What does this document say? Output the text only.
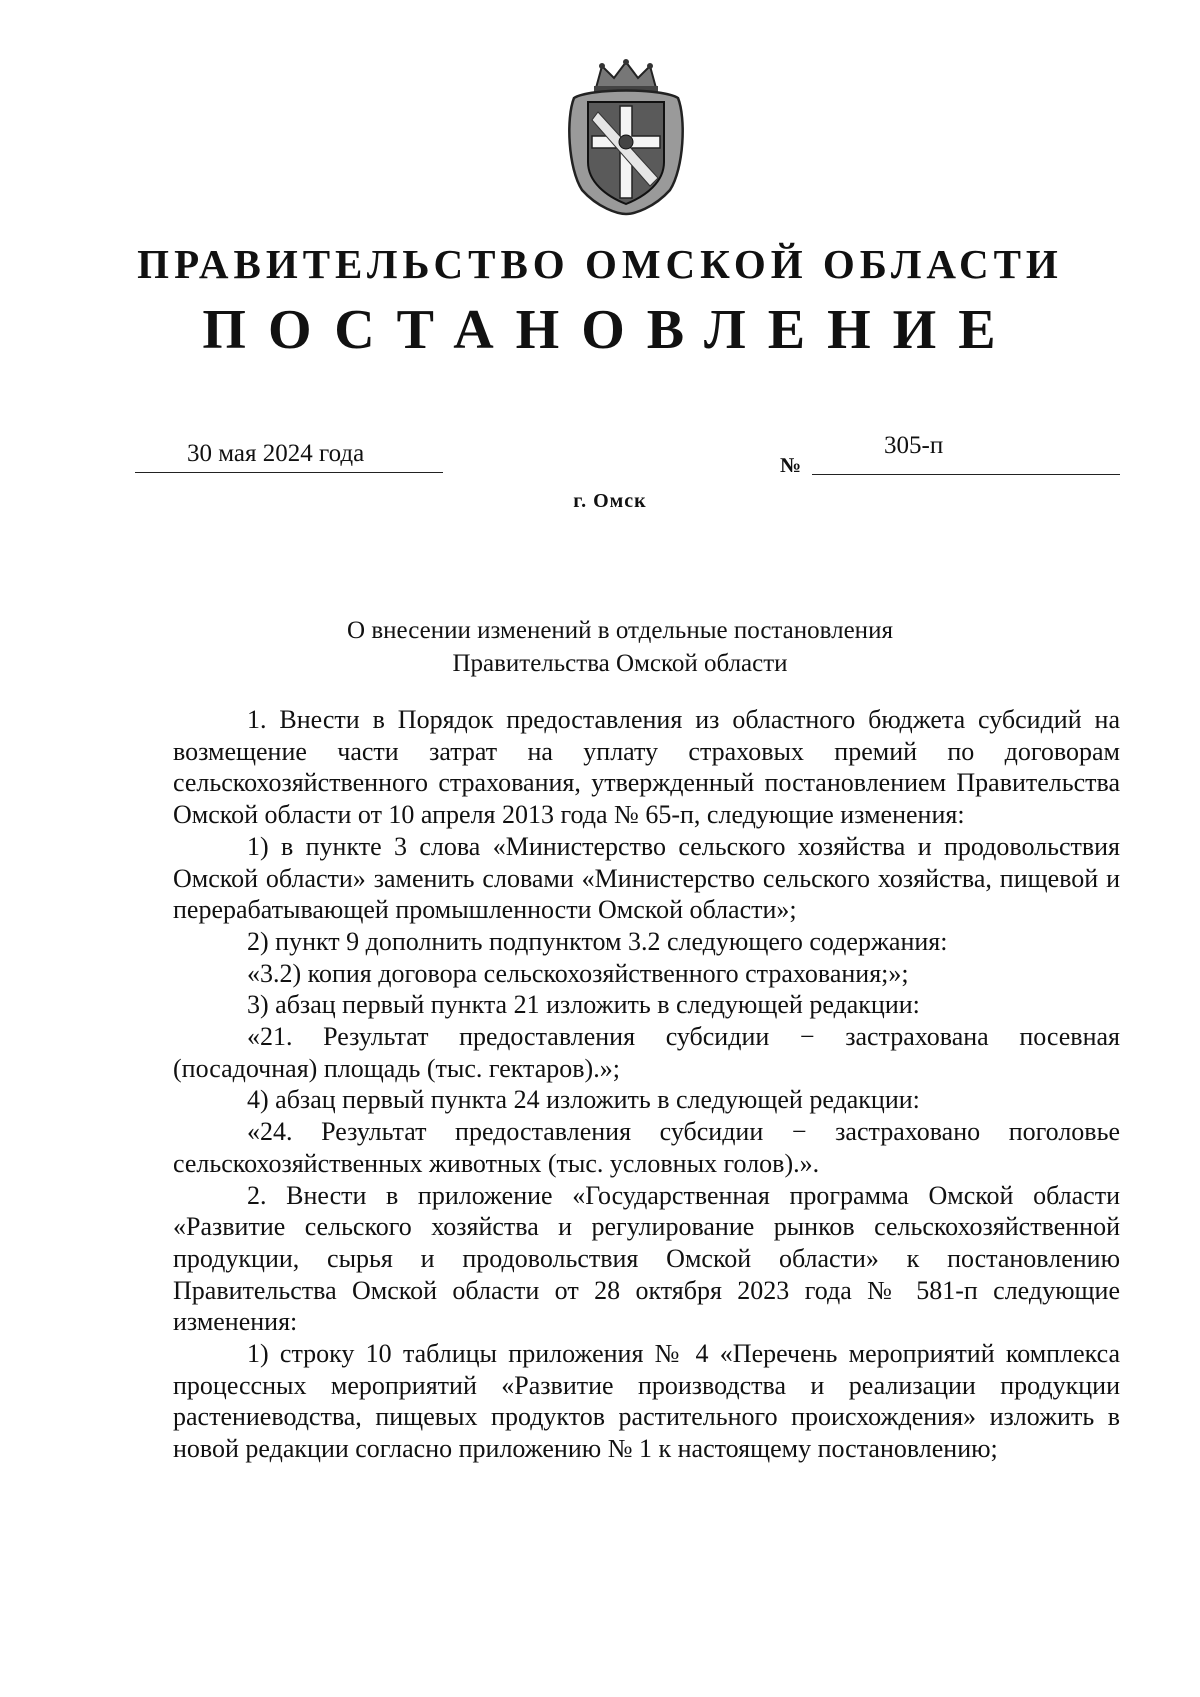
ПРАВИТЕЛЬСТВО ОМСКОЙ ОБЛАСТИ
ПОСТАНОВЛЕНИЕ
30 мая 2024 года	№
305-п
г. Омск
О внесении изменений в отдельные постановления
Правительства Омской области

1. Внести в Порядок предоставления из областного бюджета субсидий на возмещение части затрат на уплату страховых премий по договорам сельскохозяйственного страхования, утвержденный постановлением Правительства Омской области от 10 апреля 2013 года № 65-п, следующие изменения:

1) в пункте 3 слова «Министерство сельского хозяйства и продовольствия Омской области» заменить словами «Министерство сельского хозяйства, пищевой и перерабатывающей промышленности Омской области»;

2) пункт 9 дополнить подпунктом 3.2 следующего содержания:

«3.2) копия договора сельскохозяйственного страхования;»;

3) абзац первый пункта 21 изложить в следующей редакции:

«21. Результат предоставления субсидии − застрахована посевная (посадочная) площадь (тыс. гектаров).»;

4) абзац первый пункта 24 изложить в следующей редакции:

«24. Результат предоставления субсидии − застраховано поголовье сельскохозяйственных животных (тыс. условных голов).».

2. Внести в приложение «Государственная программа Омской области «Развитие сельского хозяйства и регулирование рынков сельскохозяйственной продукции, сырья и продовольствия Омской области» к постановлению Правительства Омской области от 28 октября 2023 года № 581-п следующие изменения:

1) строку 10 таблицы приложения № 4 «Перечень мероприятий комплекса процессных мероприятий «Развитие производства и реализации продукции растениеводства, пищевых продуктов растительного происхождения» изложить в новой редакции согласно приложению № 1 к настоящему постановлению;
